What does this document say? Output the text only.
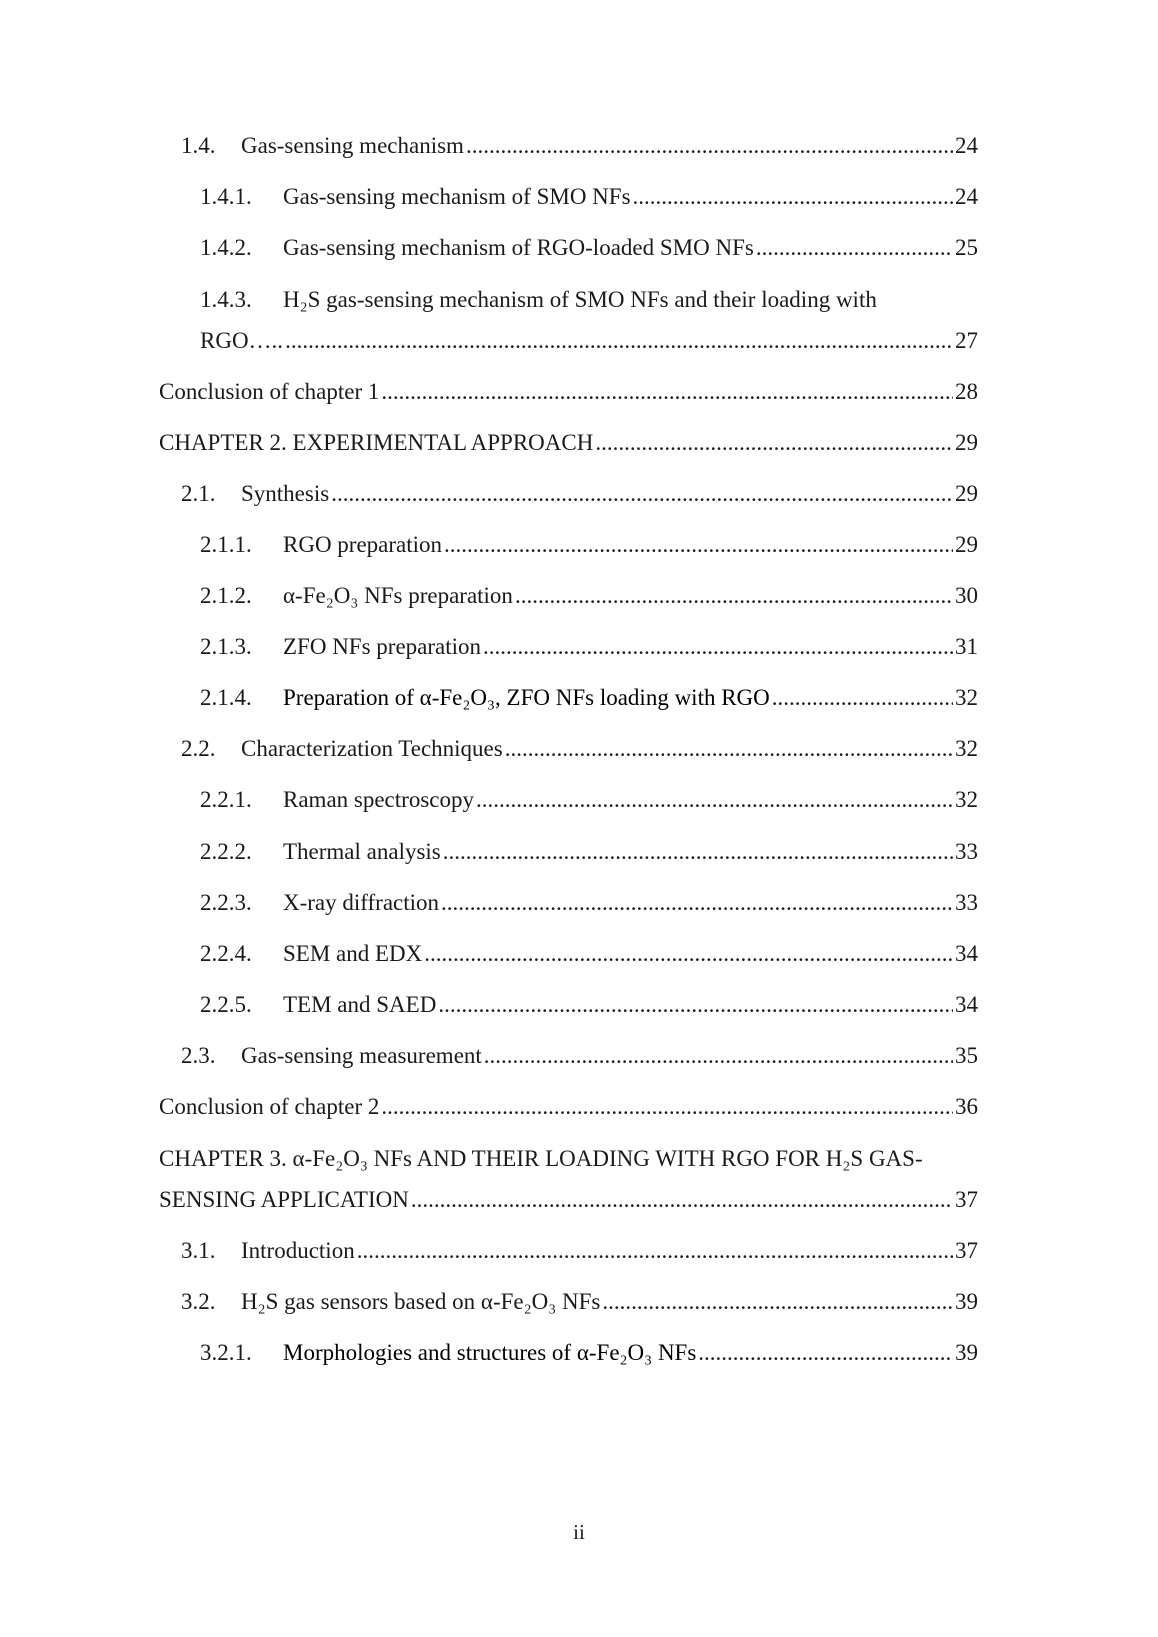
1.4.	Gas-sensing mechanism .....	24
1.4.1.	Gas-sensing mechanism of SMO NFs .....	24
1.4.2.	Gas-sensing mechanism of RGO-loaded SMO NFs .....	25
1.4.3. H₂S gas-sensing mechanism of SMO NFs and their loading with
RGO….. .....	27
Conclusion of chapter 1 .....	28
CHAPTER 2. EXPERIMENTAL APPROACH .....	29
2.1.	Synthesis .....	29
2.1.1.	RGO preparation .....	29
2.1.2.	α-Fe₂O₃ NFs preparation .....	30
2.1.3.	ZFO NFs preparation .....	31
2.1.4.	Preparation of α-Fe₂O₃, ZFO NFs loading with RGO .....	32
2.2.	Characterization Techniques .....	32
2.2.1.	Raman spectroscopy .....	32
2.2.2.	Thermal analysis .....	33
2.2.3.	X-ray diffraction .....	33
2.2.4.	SEM and EDX .....	34
2.2.5.	TEM and SAED .....	34
2.3.	Gas-sensing measurement .....	35
Conclusion of chapter 2 .....	36
CHAPTER 3. α-Fe₂O₃ NFs AND THEIR LOADING WITH RGO FOR H₂S GAS-
SENSING APPLICATION .....	37
3.1.	Introduction .....	37
3.2.	H₂S gas sensors based on α-Fe₂O₃ NFs .....	39
3.2.1.	Morphologies and structures of α-Fe₂O₃ NFs .....	39
ii
